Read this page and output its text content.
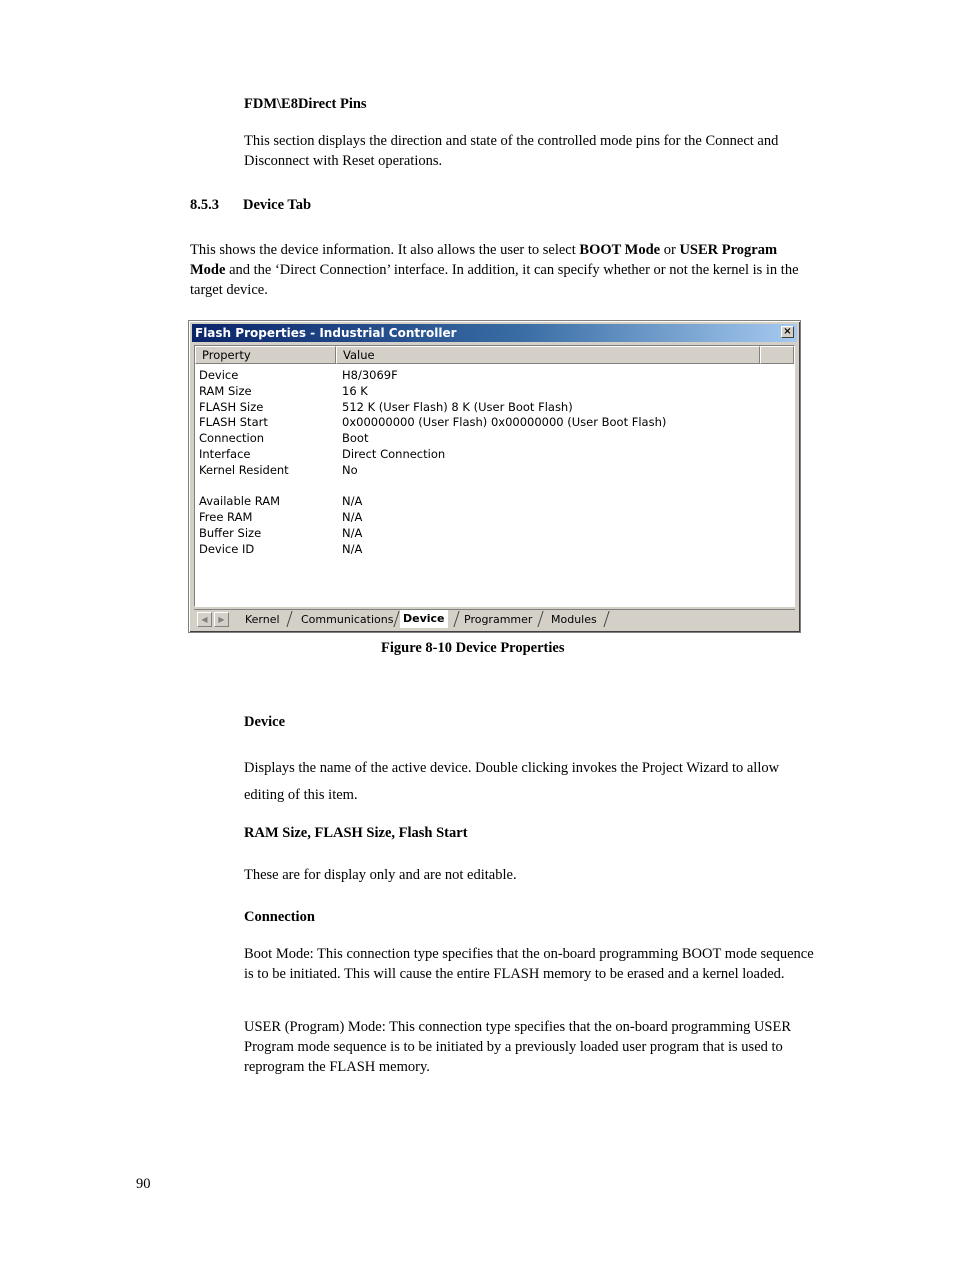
FDM\E8Direct Pins
This section displays the direction and state of the controlled mode pins for the Connect and Disconnect with Reset operations.
8.5.3 Device Tab

This shows the device information. It also allows the user to select BOOT Mode or USER Program Mode and the ‘Direct Connection’ interface. In addition, it can specify whether or not the kernel is in the target device.

Flash Properties - Industrial Controller	×
Property	Value
Device	H8/3069F
RAM Size	16 K
FLASH Size	512 K (User Flash) 8 K (User Boot Flash)
FLASH Start	0x00000000 (User Flash) 0x00000000 (User Boot Flash)
Connection	Boot
Interface	Direct Connection
Kernel Resident	No
Available RAM	N/A
Free RAM	N/A
Buffer Size	N/A
Device ID	N/A
◀	▶	Kernel Communications Device Programmer Modules
Figure 8-10 Device Properties
Device
Displays the name of the active device. Double clicking invokes the Project Wizard to allow editing of this item.
RAM Size, FLASH Size, Flash Start
These are for display only and are not editable.
Connection
Boot Mode: This connection type specifies that the on-board programming BOOT mode sequence is to be initiated. This will cause the entire FLASH memory to be erased and a kernel loaded.
USER (Program) Mode: This connection type specifies that the on-board programming USER Program mode sequence is to be initiated by a previously loaded user program that is used to reprogram the FLASH memory.
90
